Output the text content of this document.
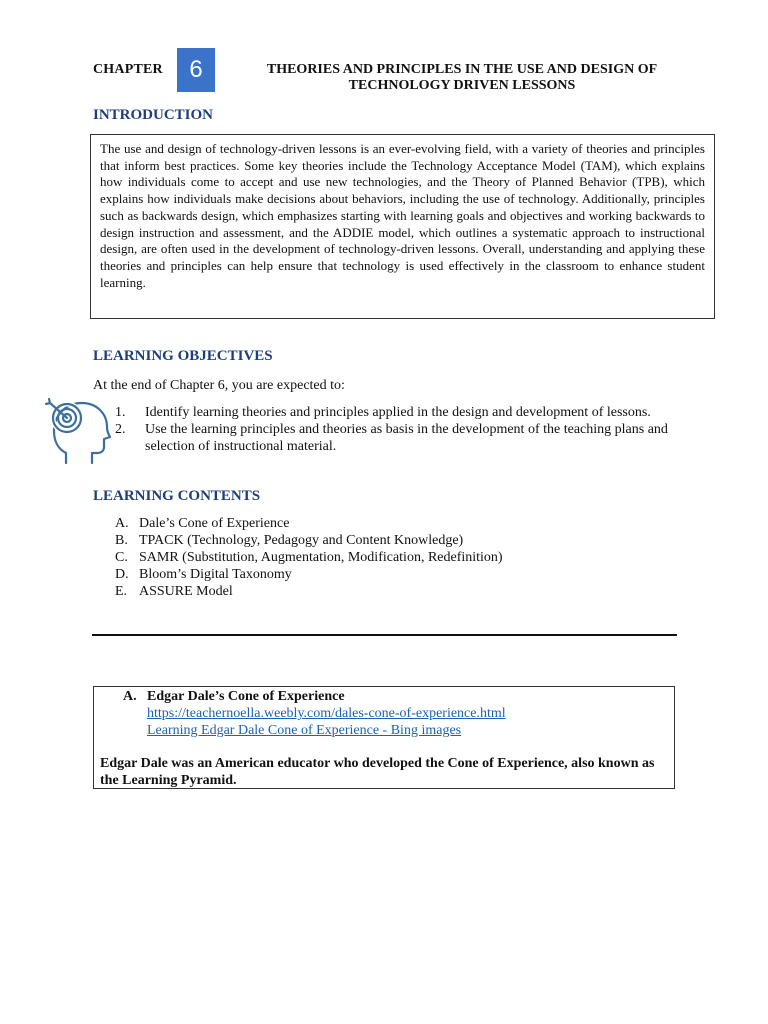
CHAPTER	6	THEORIES AND PRINCIPLES IN THE USE AND DESIGN OF
TECHNOLOGY DRIVEN LESSONS
INTRODUCTION
The use and design of technology-driven lessons is an ever-evolving field, with a variety of theories and principles that inform best practices. Some key theories include the Technology Acceptance Model (TAM), which explains how individuals come to accept and use new technologies, and the Theory of Planned Behavior (TPB), which explains how individuals make decisions about behaviors, including the use of technology. Additionally, principles such as backwards design, which emphasizes starting with learning goals and objectives and working backwards to design instruction and assessment, and the ADDIE model, which outlines a systematic approach to instructional design, are often used in the development of technology-driven lessons. Overall, understanding and applying these theories and principles can help ensure that technology is used effectively in the classroom to enhance student learning.
LEARNING OBJECTIVES
At the end of Chapter 6, you are expected to:
1.	Identify learning theories and principles applied in the design and development of lessons.
2.	Use the learning principles and theories as basis in the development of the teaching plans and selection of instructional material.
LEARNING CONTENTS
A. Dale’s Cone of Experience
B. TPACK (Technology, Pedagogy and Content Knowledge)
C. SAMR (Substitution, Augmentation, Modification, Redefinition)
D. Bloom’s Digital Taxonomy
E. ASSURE Model
A. Edgar Dale’s Cone of Experience
https://teachernoella.weebly.com/dales-cone-of-experience.html
Learning Edgar Dale Cone of Experience - Bing images
Edgar Dale was an American educator who developed the Cone of Experience, also known as the Learning Pyramid.
